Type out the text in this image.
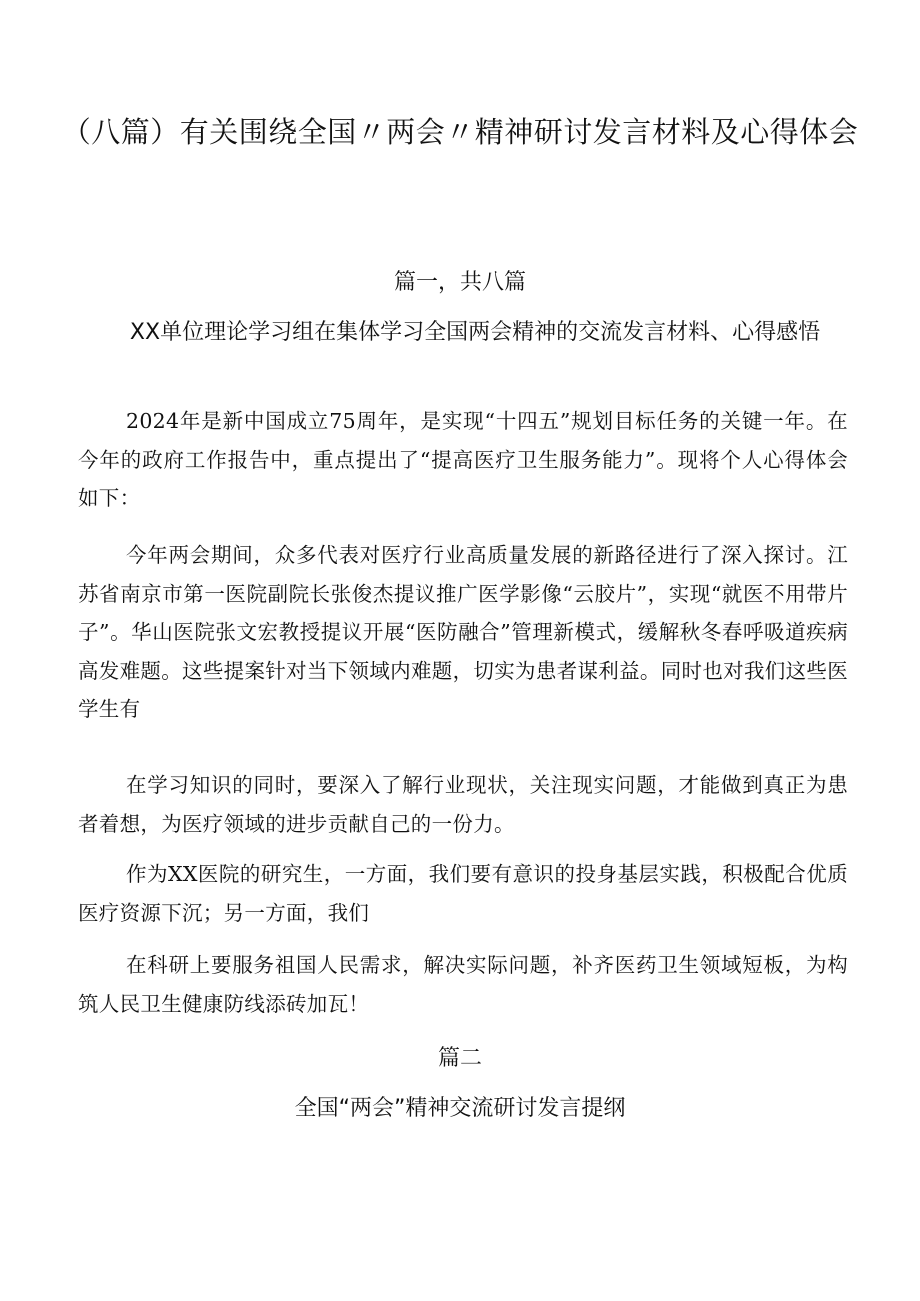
（八篇）有关围绕全国〃两会〃精神研讨发言材料及心得体会
篇一，共八篇
XX单位理论学习组在集体学习全国两会精神的交流发言材料、心得感悟

2024年是新中国成立75周年，是实现“十四五”规划目标任务的关键一年。在今年的政府工作报告中，重点提出了“提高医疗卫生服务能力”。现将个人心得体会如下：

今年两会期间，众多代表对医疗行业高质量发展的新路径进行了深入探讨。江苏省南京市第一医院副院长张俊杰提议推广医学影像“云胶片”，实现“就医不用带片子”。华山医院张文宏教授提议开展“医防融合”管理新模式，缓解秋冬春呼吸道疾病高发难题。这些提案针对当下领域内难题，切实为患者谋利益。同时也对我们这些医学生有

在学习知识的同时，要深入了解行业现状，关注现实问题，才能做到真正为患者着想，为医疗领域的进步贡献自己的一份力。

作为XX医院的研究生，一方面，我们要有意识的投身基层实践，积极配合优质医疗资源下沉；另一方面，我们

在科研上要服务祖国人民需求，解决实际问题，补齐医药卫生领域短板，为构筑人民卫生健康防线添砖加瓦！

篇二
全国“两会”精神交流研讨发言提纲
